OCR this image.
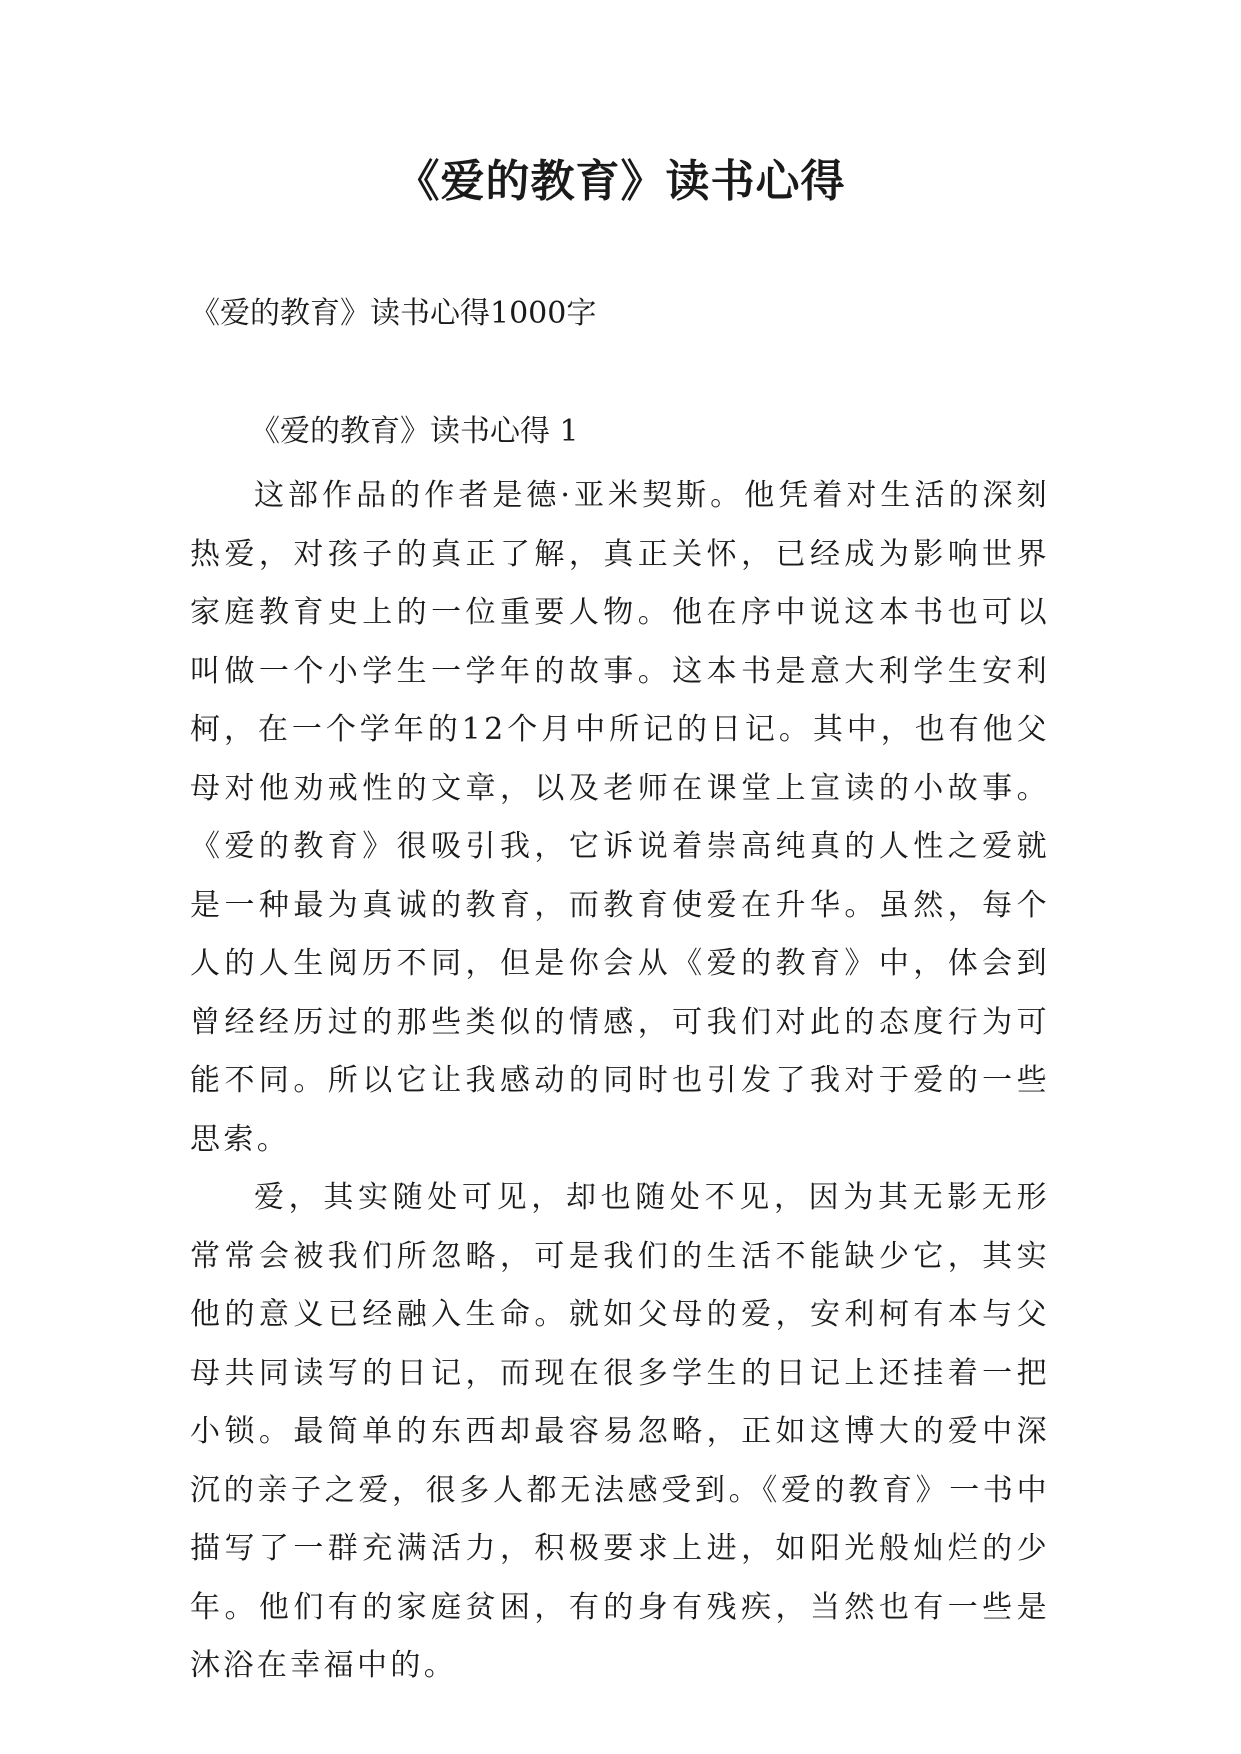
《爱的教育》读书心得

《爱的教育》读书心得1000字

《爱的教育》读书心得 1

这部作品的作者是德·亚米契斯。他凭着对生活的深刻热爱，对孩子的真正了解，真正关怀，已经成为影响世界家庭教育史上的一位重要人物。他在序中说这本书也可以叫做一个小学生一学年的故事。这本书是意大利学生安利柯，在一个学年的12个月中所记的日记。其中，也有他父母对他劝戒性的文章，以及老师在课堂上宣读的小故事。《爱的教育》很吸引我，它诉说着崇高纯真的人性之爱就是一种最为真诚的教育，而教育使爱在升华。虽然，每个人的人生阅历不同，但是你会从《爱的教育》中，体会到曾经经历过的那些类似的情感，可我们对此的态度行为可能不同。所以它让我感动的同时也引发了我对于爱的一些思索。

爱，其实随处可见，却也随处不见，因为其无影无形常常会被我们所忽略，可是我们的生活不能缺少它，其实他的意义已经融入生命。就如父母的爱，安利柯有本与父母共同读写的日记，而现在很多学生的日记上还挂着一把小锁。最简单的东西却最容易忽略，正如这博大的爱中深沉的亲子之爱，很多人都无法感受到。《爱的教育》一书中描写了一群充满活力，积极要求上进，如阳光般灿烂的少年。他们有的家庭贫困，有的身有残疾，当然也有一些是沐浴在幸福中的。
